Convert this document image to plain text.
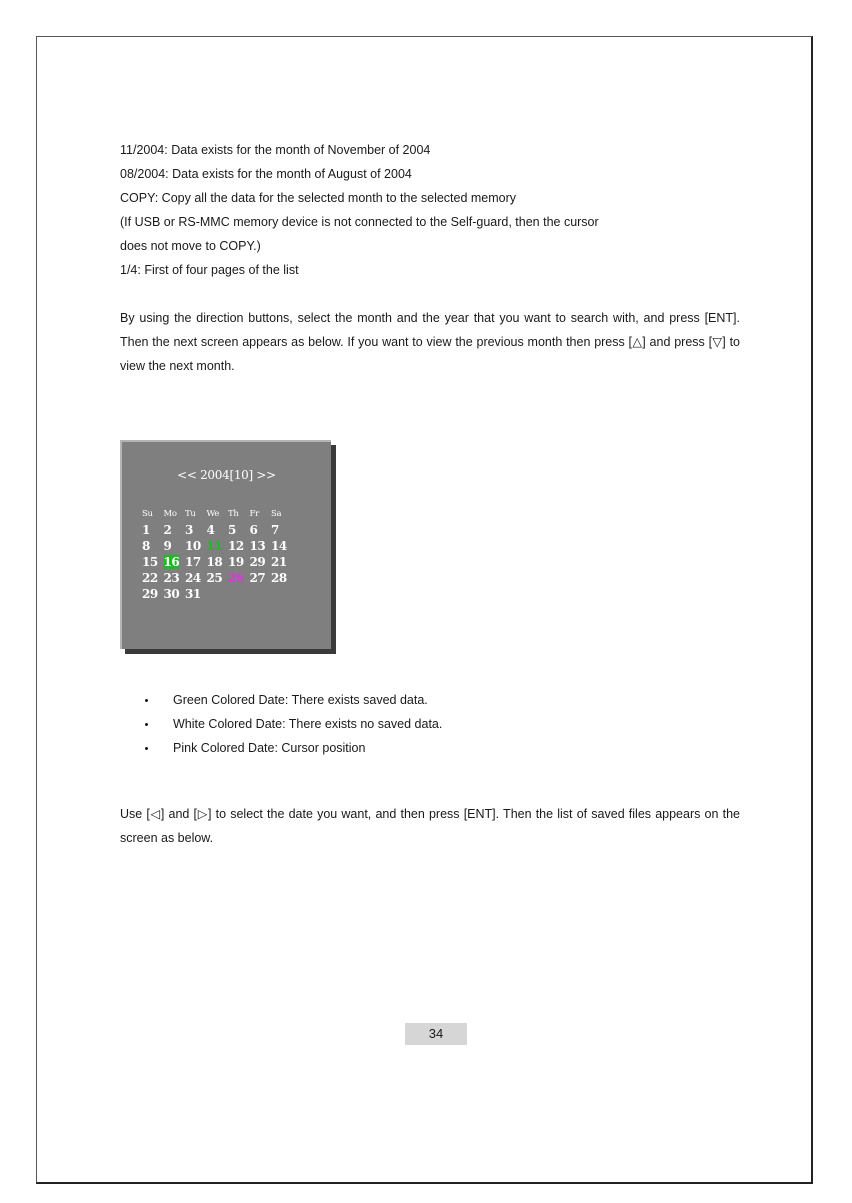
11/2004: Data exists for the month of November of 2004
08/2004: Data exists for the month of August of 2004
COPY: Copy all the data for the selected month to the selected memory
(If USB or RS-MMC memory device is not connected to the Self-guard, then the cursor
does not move to COPY.)
1/4: First of four pages of the list
By using the direction buttons, select the month and the year that you want to search with, and press [ENT]. Then the next screen appears as below. If you want to view the previous month then press [△] and press [▽] to view the next month.
<< 2004[10] >>
Su	Mo Tu	We	Th	Fr	Sa
1	2	3	4	5	6	7
8	9	10 11 12 13 14
15 16 17 18 19 29 21
22 23 24 25 26 27 28
29 30 31
Green Colored Date: There exists saved data.
White Colored Date: There exists no saved data.
Pink Colored Date: Cursor position
Use [◁] and [▷] to select the date you want, and then press [ENT]. Then the list of saved files appears on the screen as below.
34
